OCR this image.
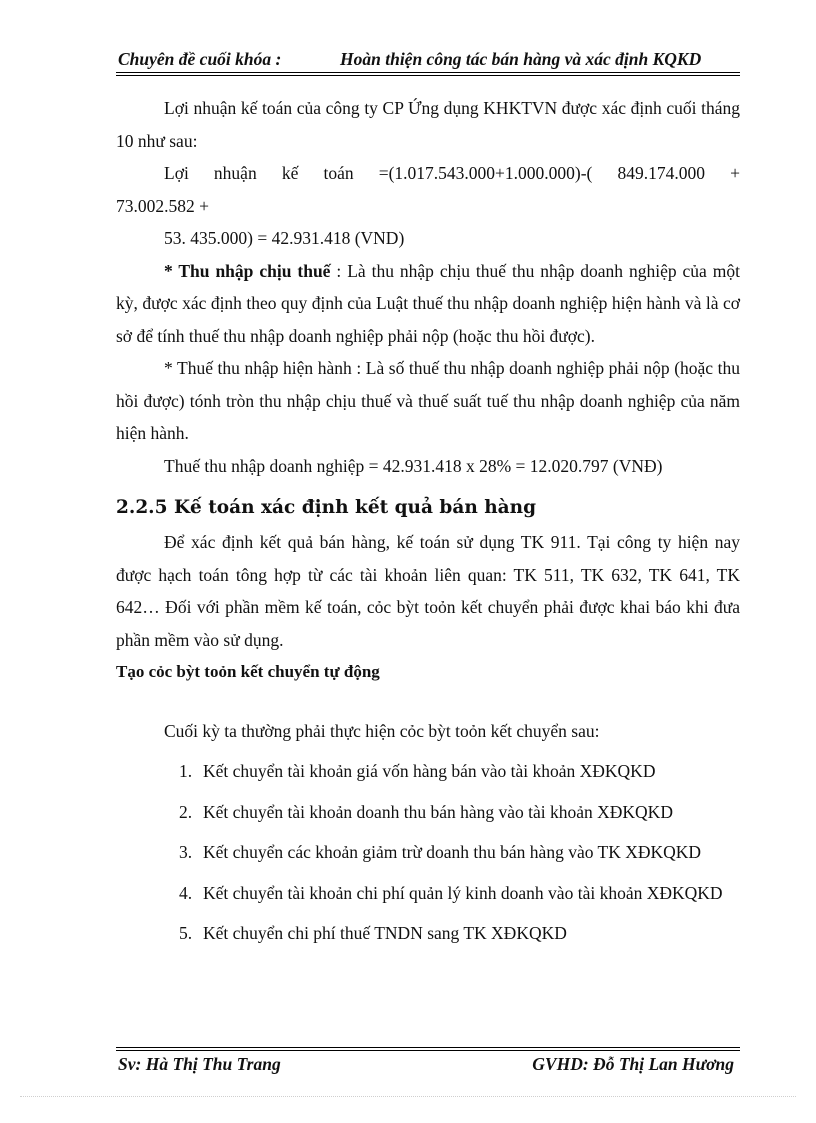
Chuyên đề cuối khóa :	Hoàn thiện công tác bán hàng và xác định KQKD

Lợi nhuận kế toán của công ty CP Ứng dụng KHKTVN được xác định cuối tháng 10 như sau:

Lợi nhuận kế toán =(1.017.543.000+1.000.000)-( 849.174.000 +

73.002.582 +

53. 435.000) = 42.931.418 (VND)

* Thu nhập chịu thuế : Là thu nhập chịu thuế thu nhập doanh nghiệp của một kỳ, được xác định theo quy định của Luật thuế thu nhập doanh nghiệp hiện hành và là cơ sở để tính thuế thu nhập doanh nghiệp phải nộp (hoặc thu hồi được).

* Thuế thu nhập hiện hành : Là số thuế thu nhập doanh nghiệp phải nộp (hoặc thu hồi được) tónh tròn thu nhập chịu thuế và thuế suất tuế thu nhập doanh nghiệp của năm hiện hành.

Thuế thu nhập doanh nghiệp = 42.931.418 x 28% = 12.020.797 (VNĐ)

2.2.5 Kế toán xác định kết quả bán hàng

Để xác định kết quả bán hàng, kế toán sử dụng TK 911. Tại công ty hiện nay được hạch toán tông hợp từ các tài khoản liên quan: TK 511, TK 632, TK 641, TK 642… Đối với phần mềm kế toán, cỏc bỳt toỏn kết chuyển phải được khai báo khi đưa phần mềm vào sử dụng.

Tạo cỏc bỳt toỏn kết chuyển tự động

Cuối kỳ ta thường phải thực hiện cỏc bỳt toỏn kết chuyển sau:

1. Kết chuyển tài khoản giá vốn hàng bán vào tài khoản XĐKQKD
2. Kết chuyển tài khoản doanh thu bán hàng vào tài khoản XĐKQKD
3. Kết chuyển các khoản giảm trừ doanh thu bán hàng vào TK XĐKQKD
4. Kết chuyển tài khoản chi phí quản lý kinh doanh vào tài khoản XĐKQKD
5. Kết chuyển chi phí thuế TNDN sang TK XĐKQKD
Sv: Hà Thị Thu Trang	GVHD: Đỗ Thị Lan Hương
